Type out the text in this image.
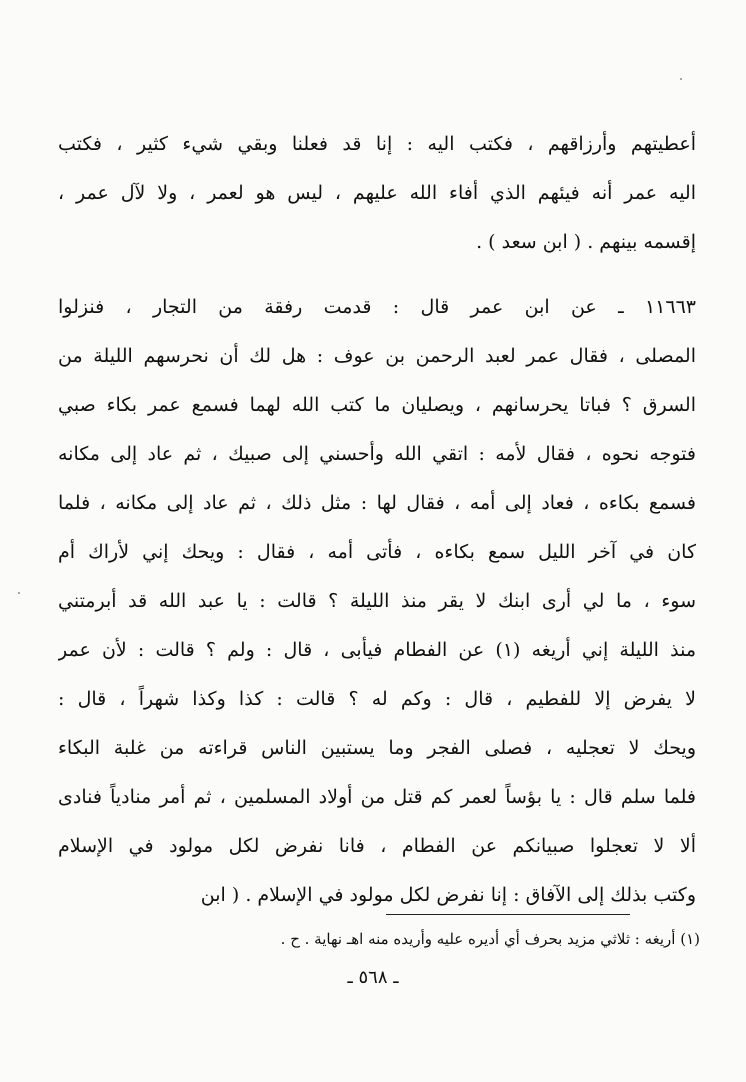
أعطيتهم وأرزاقهم ، فكتب اليه : إنا قد فعلنا وبقي شيء كثير ، فكتب
اليه عمر أنه فيئهم الذي أفاء الله عليهم ، ليس هو لعمر ، ولا لآل عمر ،
إقسمه بينهم . ( ابن سعد ) .
١١٦٦٣ ـ عن ابن عمر قال : قدمت رفقة من التجار ، فنزلوا
المصلى ، فقال عمر لعبد الرحمن بن عوف : هل لك أن نحرسهم الليلة من
السرق ؟ فباتا يحرسانهم ، ويصليان ما كتب الله لهما فسمع عمر بكاء صبي
فتوجه نحوه ، فقال لأمه : اتقي الله وأحسني إلى صبيك ، ثم عاد إلى مكانه
فسمع بكاءه ، فعاد إلى أمه ، فقال لها : مثل ذلك ، ثم عاد إلى مكانه ، فلما
كان في آخر الليل سمع بكاءه ، فأتى أمه ، فقال : ويحك إني لأراك أم
سوء ، ما لي أرى ابنك لا يقر منذ الليلة ؟ قالت : يا عبد الله قد أبرمتني
منذ الليلة إني أريغه (١) عن الفطام فيأبى ، قال : ولم ؟ قالت : لأن عمر
لا يفرض إلا للفطيم ، قال : وكم له ؟ قالت : كذا وكذا شهراً ، قال :
ويحك لا تعجليه ، فصلى الفجر وما يستبين الناس قراءته من غلبة البكاء
فلما سلم قال : يا بؤساً لعمر كم قتل من أولاد المسلمين ، ثم أمر منادياً فنادى
ألا لا تعجلوا صبيانكم عن الفطام ، فانا نفرض لكل مولود في الإسلام
وكتب بذلك إلى الآفاق : إنا نفرض لكل مولود في الإسلام . ( ابن
(١) أريغه : ثلاثي مزيد بحرف أي أديره عليه وأريده منه اهـ نهاية . ح .
ـ ٥٦٨ ـ
